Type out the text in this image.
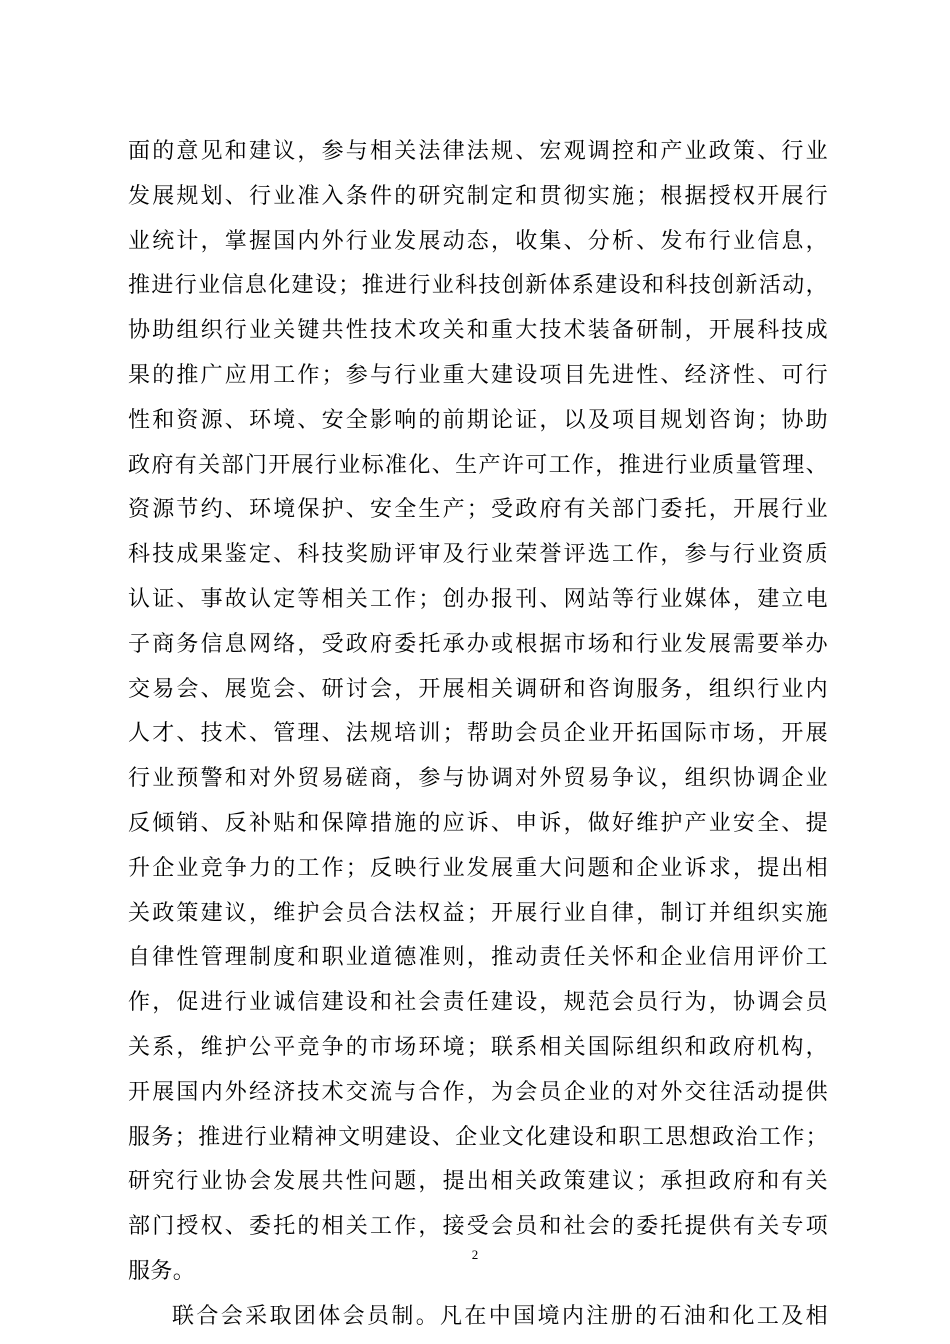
面的意见和建议，参与相关法律法规、宏观调控和产业政策、行业
发展规划、行业准入条件的研究制定和贯彻实施；根据授权开展行
业统计，掌握国内外行业发展动态，收集、分析、发布行业信息，
推进行业信息化建设；推进行业科技创新体系建设和科技创新活动，
协助组织行业关键共性技术攻关和重大技术装备研制，开展科技成
果的推广应用工作；参与行业重大建设项目先进性、经济性、可行
性和资源、环境、安全影响的前期论证，以及项目规划咨询；协助
政府有关部门开展行业标准化、生产许可工作，推进行业质量管理、
资源节约、环境保护、安全生产；受政府有关部门委托，开展行业
科技成果鉴定、科技奖励评审及行业荣誉评选工作，参与行业资质
认证、事故认定等相关工作；创办报刊、网站等行业媒体，建立电
子商务信息网络，受政府委托承办或根据市场和行业发展需要举办
交易会、展览会、研讨会，开展相关调研和咨询服务，组织行业内
人才、技术、管理、法规培训；帮助会员企业开拓国际市场，开展
行业预警和对外贸易磋商，参与协调对外贸易争议，组织协调企业
反倾销、反补贴和保障措施的应诉、申诉，做好维护产业安全、提
升企业竞争力的工作；反映行业发展重大问题和企业诉求，提出相
关政策建议，维护会员合法权益；开展行业自律，制订并组织实施
自律性管理制度和职业道德准则，推动责任关怀和企业信用评价工
作，促进行业诚信建设和社会责任建设，规范会员行为，协调会员
关系，维护公平竞争的市场环境；联系相关国际组织和政府机构，
开展国内外经济技术交流与合作，为会员企业的对外交往活动提供
服务；推进行业精神文明建设、企业文化建设和职工思想政治工作；
研究行业协会发展共性问题，提出相关政策建议；承担政府和有关
部门授权、委托的相关工作，接受会员和社会的委托提供有关专项
服务。
联合会采取团体会员制。凡在中国境内注册的石油和化工及相
2
